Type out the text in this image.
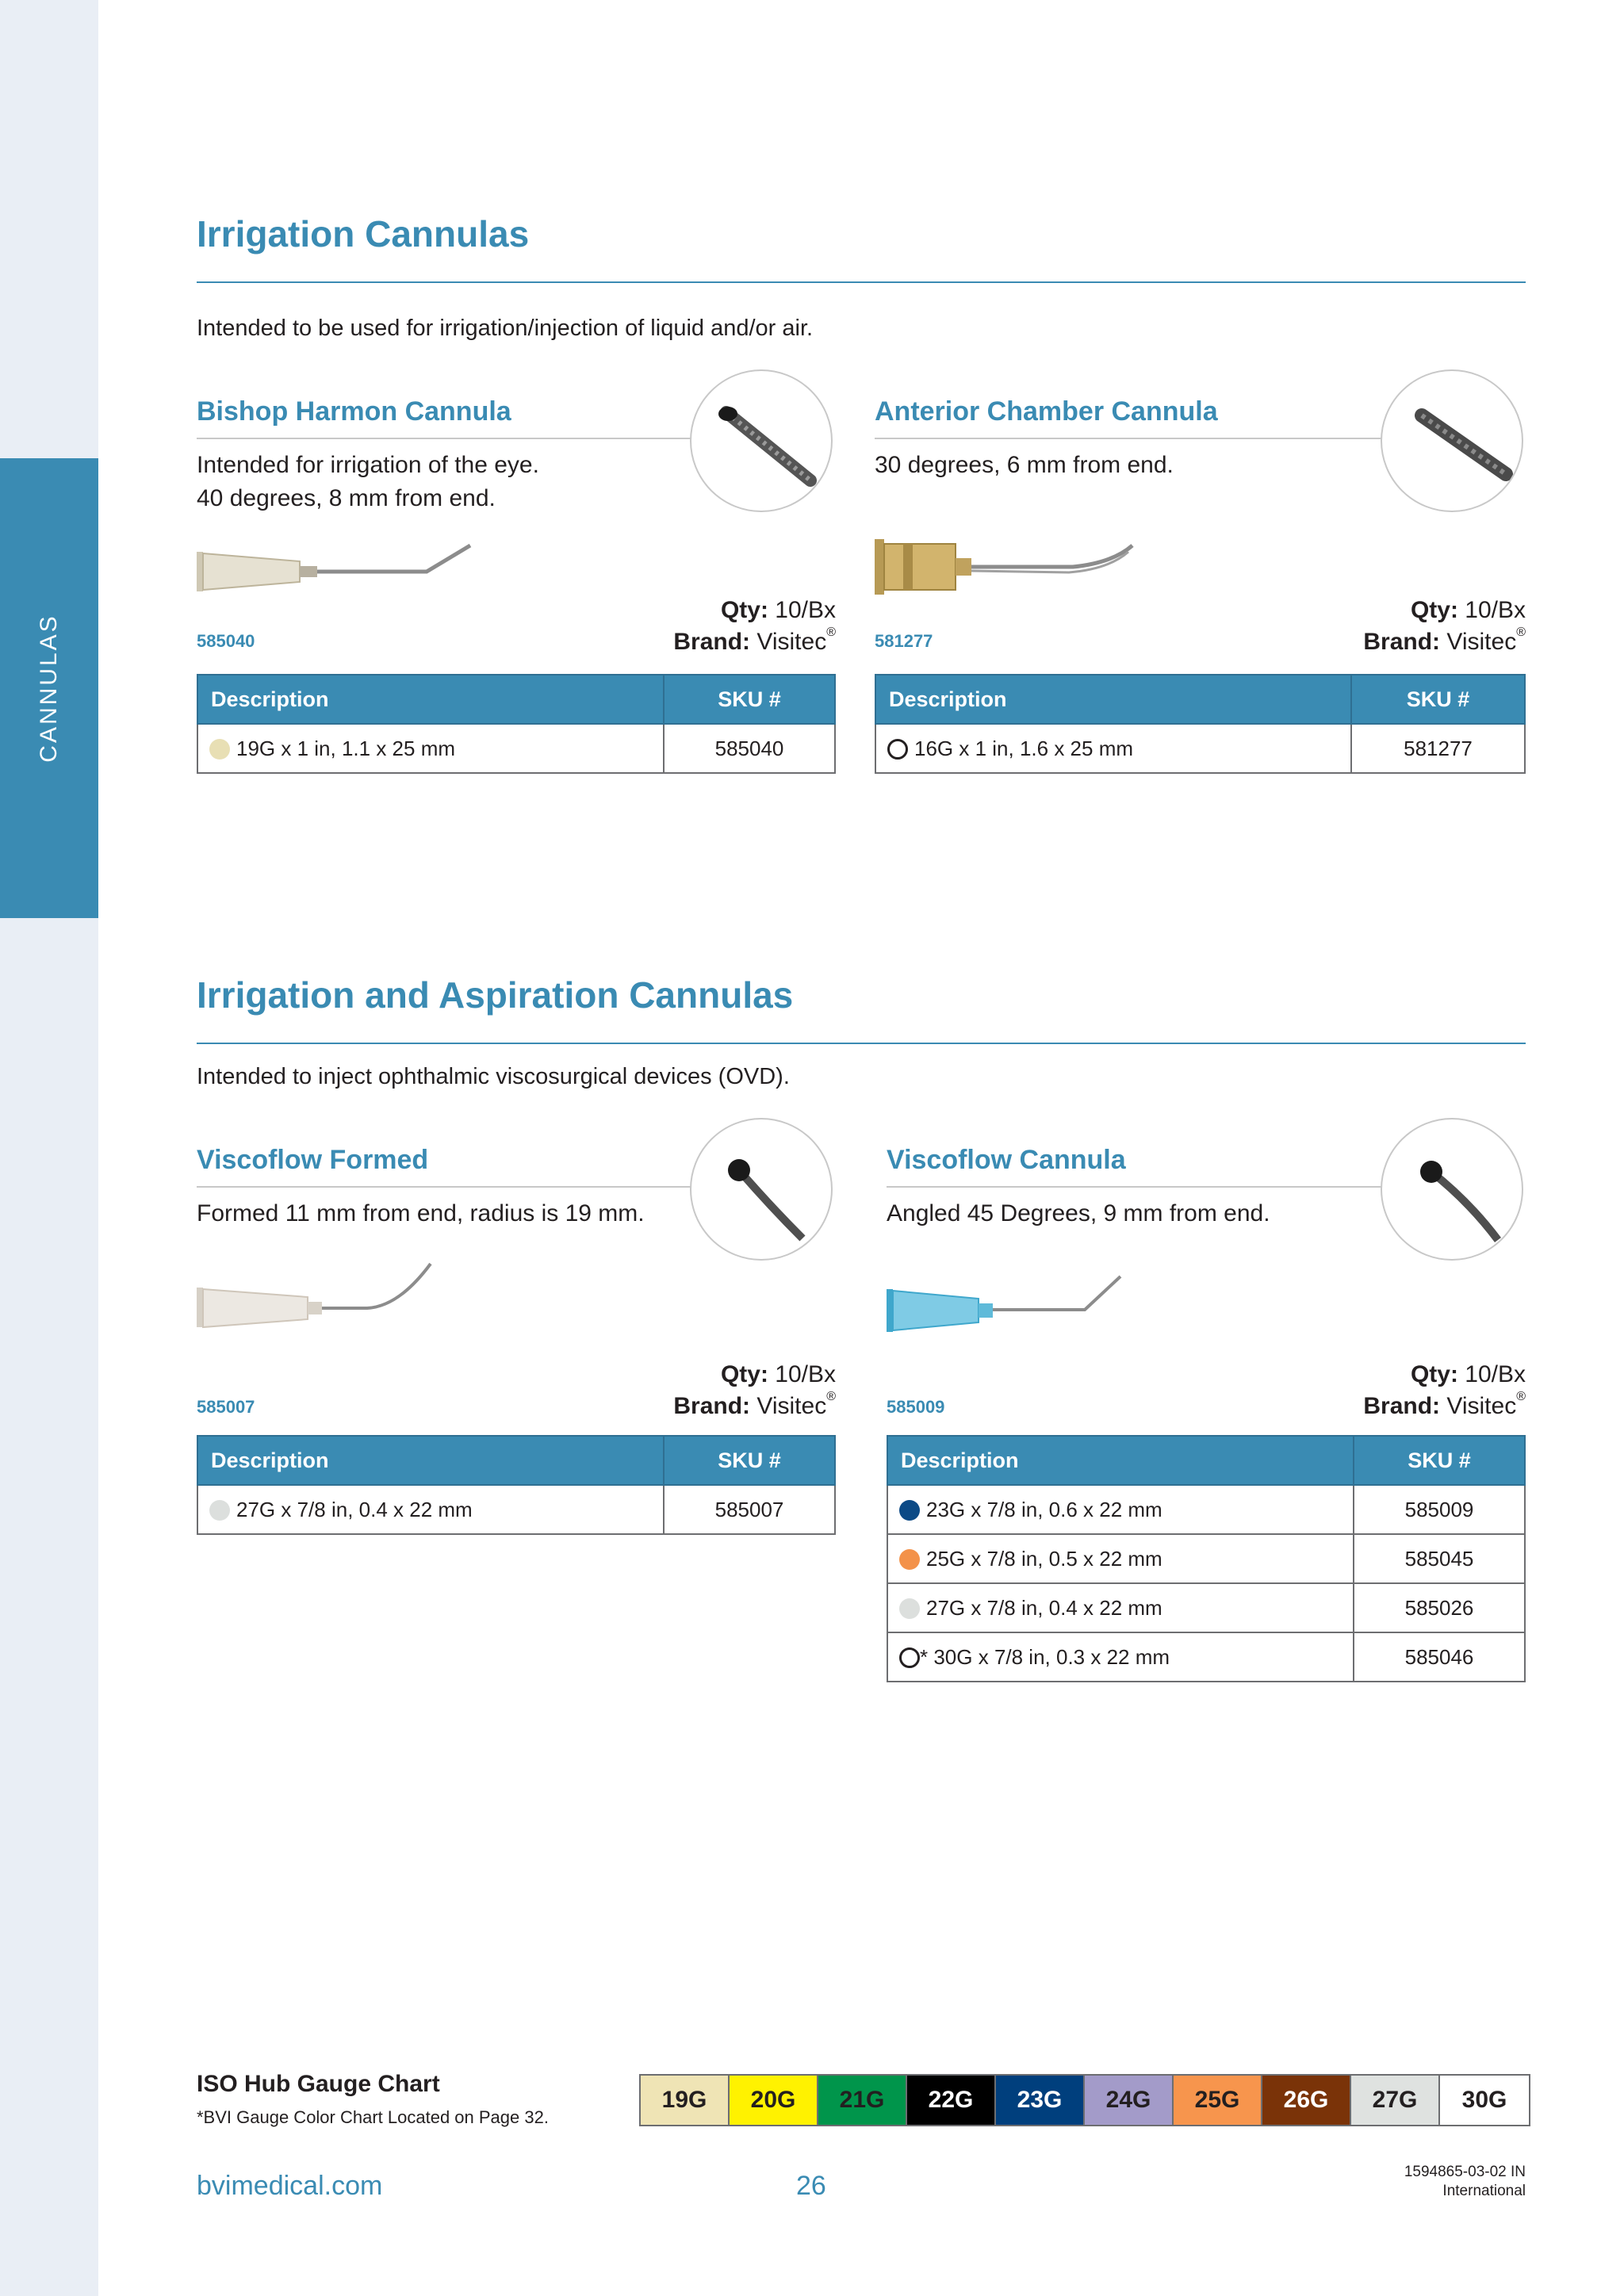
CANNULAS
Irrigation Cannulas
Intended to be used for irrigation/injection of liquid and/or air.
Bishop Harmon Cannula
Intended for irrigation of the eye.
40 degrees, 8 mm from end.
585040
Qty: 10/Bx
Brand: Visitec®
Description	SKU #
19G x 1 in, 1.1 x 25 mm	585040
Anterior Chamber Cannula
30 degrees, 6 mm from end.
581277
Qty: 10/Bx
Brand: Visitec®
Description	SKU #
16G x 1 in, 1.6 x 25 mm	581277
Irrigation and Aspiration Cannulas
Intended to inject ophthalmic viscosurgical devices (OVD).
Viscoflow Formed
Formed 11 mm from end, radius is 19 mm.
585007
Qty: 10/Bx
Brand: Visitec®
Description	SKU #
27G x 7/8 in, 0.4 x 22 mm	585007
Viscoflow Cannula
Angled 45 Degrees, 9 mm from end.
585009
Qty: 10/Bx
Brand: Visitec®
Description	SKU #
23G x 7/8 in, 0.6 x 22 mm	585009
25G x 7/8 in, 0.5 x 22 mm	585045
27G x 7/8 in, 0.4 x 22 mm	585026
* 30G x 7/8 in, 0.3 x 22 mm	585046
ISO Hub Gauge Chart
*BVI Gauge Color Chart Located on Page 32.
19G	20G	21G	22G	23G	24G	25G	26G	27G	30G
bvimedical.com	26	1594865-03-02 IN
International
